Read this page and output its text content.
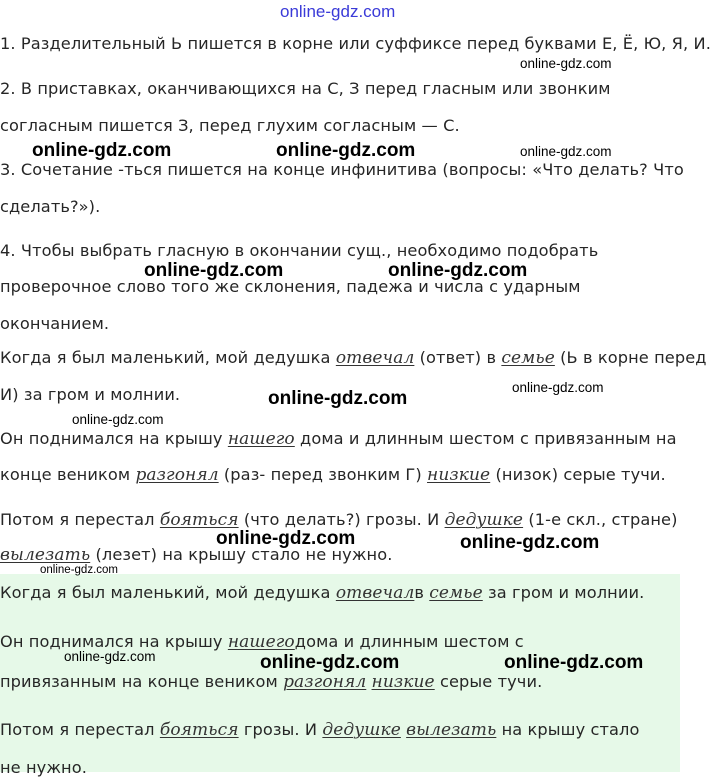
online-gdz.com
1. Разделительный Ь пишется в корне или суффиксе перед буквами Е, Ё, Ю, Я, И.
2. В приставках, оканчивающихся на С, З перед гласным или звонким
согласным пишется З, перед глухим согласным — С.
3. Сочетание -ться пишется на конце инфинитива (вопросы: «Что делать? Что
сделать?»).
4. Чтобы выбрать гласную в окончании сущ., необходимо подобрать
проверочное слово того же склонения, падежа и числа с ударным
окончанием.
Когда я был маленький, мой дедушка отвечал (ответ) в семье (Ь в корне перед
И) за гром и молнии.
Он поднимался на крышу нашего дома и длинным шестом с привязанным на
конце веником разгонял (раз- перед звонким Г) низкие (низок) серые тучи.
Потом я перестал бояться (что делать?) грозы. И дедушке (1-е скл., стране)
вылезать (лезет) на крышу стало не нужно.
Когда я был маленький, мой дедушка отвечалв семье за гром и молнии.
Он поднимался на крышу нашегодома и длинным шестом с
привязанным на конце веником разгонял низкие серые тучи.
Потом я перестал бояться грозы. И дедушке вылезать на крышу стало
не нужно.
online-gdz.com
online-gdz.com	online-gdz.com	online-gdz.com
online-gdz.com	online-gdz.com
online-gdz.com
online-gdz.com
online-gdz.com
online-gdz.com	online-gdz.com
online-gdz.com
online-gdz.com	online-gdz.com	online-gdz.com
